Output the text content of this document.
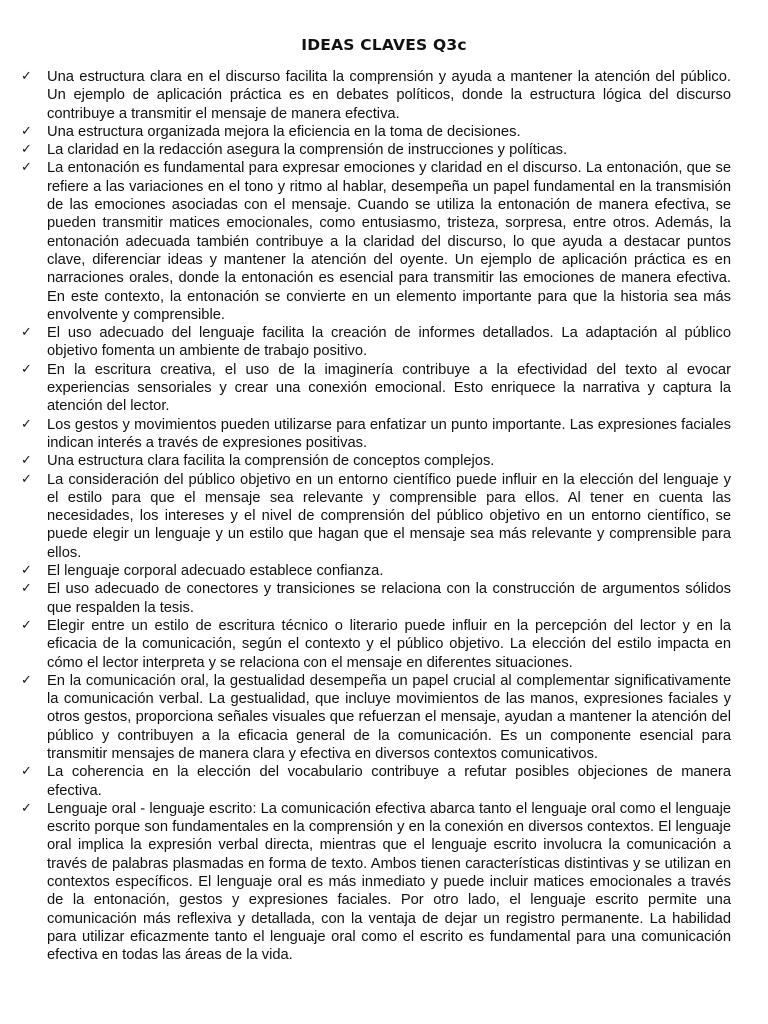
IDEAS CLAVES Q3c
✓ Una estructura clara en el discurso facilita la comprensión y ayuda a mantener la atención del público. Un ejemplo de aplicación práctica es en debates políticos, donde la estructura lógica del discurso contribuye a transmitir el mensaje de manera efectiva.
✓ Una estructura organizada mejora la eficiencia en la toma de decisiones.
✓ La claridad en la redacción asegura la comprensión de instrucciones y políticas.
✓ La entonación es fundamental para expresar emociones y claridad en el discurso. La entonación, que se refiere a las variaciones en el tono y ritmo al hablar, desempeña un papel fundamental en la transmisión de las emociones asociadas con el mensaje. Cuando se utiliza la entonación de manera efectiva, se pueden transmitir matices emocionales, como entusiasmo, tristeza, sorpresa, entre otros. Además, la entonación adecuada también contribuye a la claridad del discurso, lo que ayuda a destacar puntos clave, diferenciar ideas y mantener la atención del oyente. Un ejemplo de aplicación práctica es en narraciones orales, donde la entonación es esencial para transmitir las emociones de manera efectiva. En este contexto, la entonación se convierte en un elemento importante para que la historia sea más envolvente y comprensible.
✓ El uso adecuado del lenguaje facilita la creación de informes detallados. La adaptación al público objetivo fomenta un ambiente de trabajo positivo.
✓ En la escritura creativa, el uso de la imaginería contribuye a la efectividad del texto al evocar experiencias sensoriales y crear una conexión emocional. Esto enriquece la narrativa y captura la atención del lector.
✓ Los gestos y movimientos pueden utilizarse para enfatizar un punto importante. Las expresiones faciales indican interés a través de expresiones positivas.
✓ Una estructura clara facilita la comprensión de conceptos complejos.
✓ La consideración del público objetivo en un entorno científico puede influir en la elección del lenguaje y el estilo para que el mensaje sea relevante y comprensible para ellos. Al tener en cuenta las necesidades, los intereses y el nivel de comprensión del público objetivo en un entorno científico, se puede elegir un lenguaje y un estilo que hagan que el mensaje sea más relevante y comprensible para ellos.
✓ El lenguaje corporal adecuado establece confianza.
✓ El uso adecuado de conectores y transiciones se relaciona con la construcción de argumentos sólidos que respalden la tesis.
✓ Elegir entre un estilo de escritura técnico o literario puede influir en la percepción del lector y en la eficacia de la comunicación, según el contexto y el público objetivo. La elección del estilo impacta en cómo el lector interpreta y se relaciona con el mensaje en diferentes situaciones.
✓ En la comunicación oral, la gestualidad desempeña un papel crucial al complementar significativamente la comunicación verbal. La gestualidad, que incluye movimientos de las manos, expresiones faciales y otros gestos, proporciona señales visuales que refuerzan el mensaje, ayudan a mantener la atención del público y contribuyen a la eficacia general de la comunicación. Es un componente esencial para transmitir mensajes de manera clara y efectiva en diversos contextos comunicativos.
✓ La coherencia en la elección del vocabulario contribuye a refutar posibles objeciones de manera efectiva.
✓ Lenguaje oral - lenguaje escrito: La comunicación efectiva abarca tanto el lenguaje oral como el lenguaje escrito porque son fundamentales en la comprensión y en la conexión en diversos contextos. El lenguaje oral implica la expresión verbal directa, mientras que el lenguaje escrito involucra la comunicación a través de palabras plasmadas en forma de texto. Ambos tienen características distintivas y se utilizan en contextos específicos. El lenguaje oral es más inmediato y puede incluir matices emocionales a través de la entonación, gestos y expresiones faciales. Por otro lado, el lenguaje escrito permite una comunicación más reflexiva y detallada, con la ventaja de dejar un registro permanente. La habilidad para utilizar eficazmente tanto el lenguaje oral como el escrito es fundamental para una comunicación efectiva en todas las áreas de la vida.
